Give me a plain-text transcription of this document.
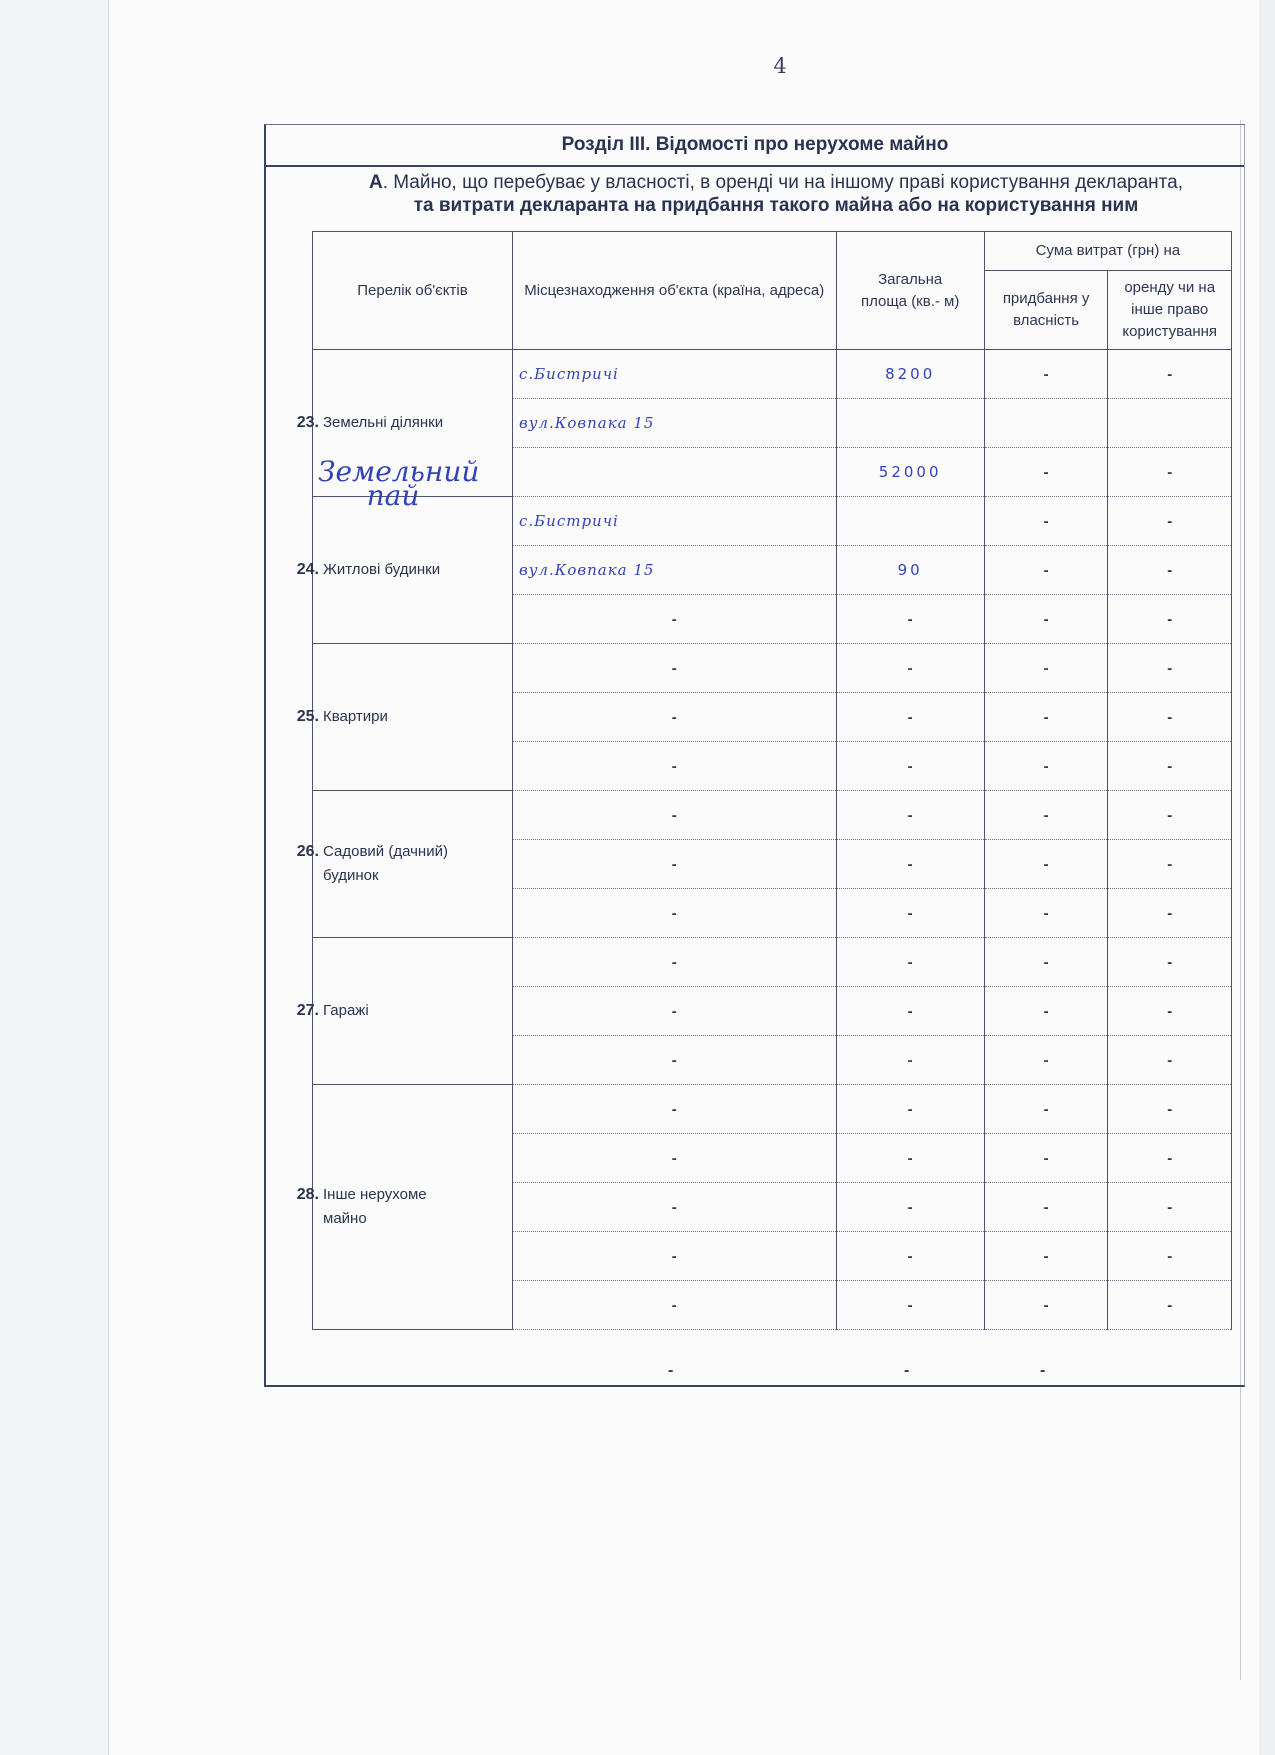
4
Розділ III. Відомості про нерухоме майно
А. Майно, що перебуває у власності, в оренді чи на іншому праві користування декларанта,
та витрати декларанта на придбання такого майна або на користування ним
Перелік об'єктів	Місцезнаходження об'єкта (країна, адреса)	Загальна площа (кв.- м)	Сума витрат (грн) на	
			придбання у власність	оренду чи на інше право користування

23. Земельні ділянки	с.Бистричі	8200	-	-
	вул.Ковпака 15			
		52000	-	-

24. Житлові будинки	с.Бистричі		-	-
	вул.Ковпака 15	90	-	-
	-	-	-	-

25. Квартири	-	-	-	-
	-	-	-	-
	-	-	-	-

26. Садовий (дачний) будинок	-	-	-	-
	-	-	-	-
	-	-	-	-

27. Гаражі	-	-	-	-
	-	-	-	-
	-	-	-	-

28. Інше нерухоме майно	-	-	-	-
	-	-	-	-
	-	-	-	-
	-	-	-	-
	-	-	-	-
Земельний пай
-	-	-
